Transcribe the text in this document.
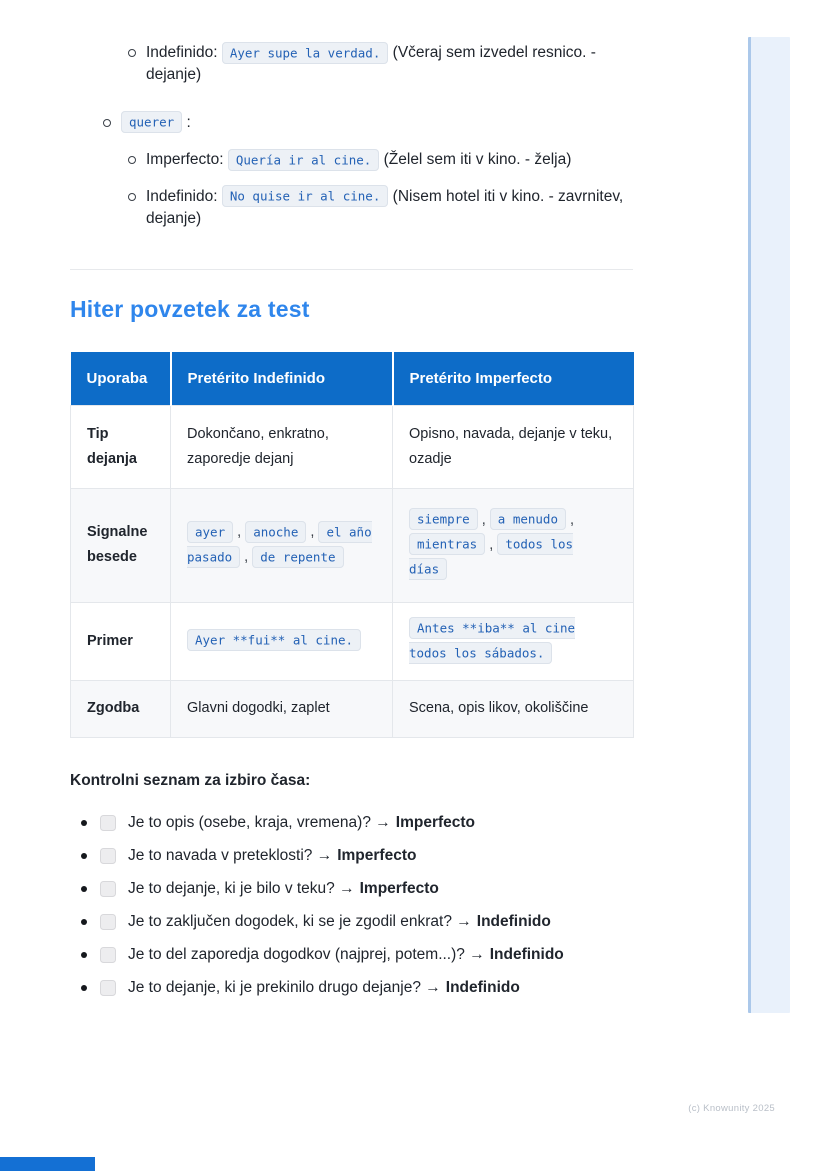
Indefinido: Ayer supe la verdad. (Včeraj sem izvedel resnico. - dejanje)
querer :
Imperfecto: Quería ir al cine. (Želel sem iti v kino. - želja)
Indefinido: No quise ir al cine. (Nisem hotel iti v kino. - zavrnitev, dejanje)
Hiter povzetek za test
Uporaba	Pretérito Indefinido	Pretérito Imperfecto
Tip dejanja	Dokončano, enkratno, zaporedje dejanj	Opisno, navada, dejanje v teku, ozadje
Signalne besede	ayer , anoche , el año pasado , de repente	siempre , a menudo , mientras , todos los días
Primer	Ayer **fui** al cine.	Antes **iba** al cine todos los sábados.
Zgodba	Glavni dogodki, zaplet	Scena, opis likov, okoliščine
Kontrolni seznam za izbiro časa:
Je to opis (osebe, kraja, vremena)? → Imperfecto
Je to navada v preteklosti? → Imperfecto
Je to dejanje, ki je bilo v teku? → Imperfecto
Je to zaključen dogodek, ki se je zgodil enkrat? → Indefinido
Je to del zaporedja dogodkov (najprej, potem...)? → Indefinido
Je to dejanje, ki je prekinilo drugo dejanje? → Indefinido
(c) Knowunity 2025
